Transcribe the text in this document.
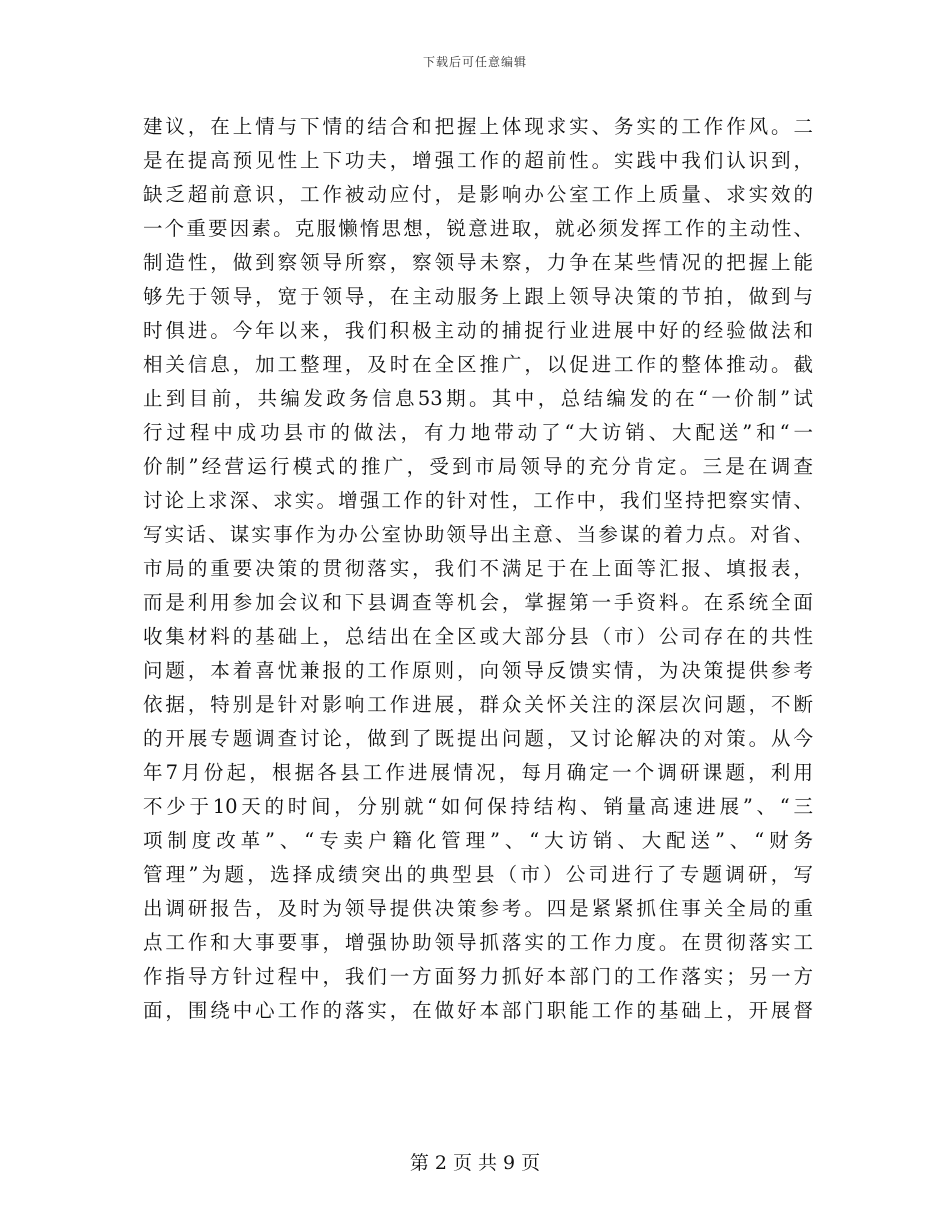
下载后可任意编辑
建议，在上情与下情的结合和把握上体现求实、务实的工作作风。二
是在提高预见性上下功夫，增强工作的超前性。实践中我们认识到，
缺乏超前意识，工作被动应付，是影响办公室工作上质量、求实效的
一个重要因素。克服懒惰思想，锐意进取，就必须发挥工作的主动性、
制造性，做到察领导所察，察领导未察，力争在某些情况的把握上能
够先于领导，宽于领导，在主动服务上跟上领导决策的节拍，做到与
时俱进。今年以来，我们积极主动的捕捉行业进展中好的经验做法和
相关信息，加工整理，及时在全区推广，以促进工作的整体推动。截
止到目前，共编发政务信息53期。其中，总结编发的在“一价制”试
行过程中成功县市的做法，有力地带动了“大访销、大配送”和“一
价制”经营运行模式的推广，受到市局领导的充分肯定。三是在调查
讨论上求深、求实。增强工作的针对性，工作中，我们坚持把察实情、
写实话、谋实事作为办公室协助领导出主意、当参谋的着力点。对省、
市局的重要决策的贯彻落实，我们不满足于在上面等汇报、填报表，
而是利用参加会议和下县调查等机会，掌握第一手资料。在系统全面
收集材料的基础上，总结出在全区或大部分县（市）公司存在的共性
问题，本着喜忧兼报的工作原则，向领导反馈实情，为决策提供参考
依据，特别是针对影响工作进展，群众关怀关注的深层次问题，不断
的开展专题调查讨论，做到了既提出问题，又讨论解决的对策。从今
年7月份起，根据各县工作进展情况，每月确定一个调研课题，利用
不少于10天的时间，分别就“如何保持结构、销量高速进展”、“三
项制度改革”、“专卖户籍化管理”、“大访销、大配送”、“财务
管理”为题，选择成绩突出的典型县（市）公司进行了专题调研，写
出调研报告，及时为领导提供决策参考。四是紧紧抓住事关全局的重
点工作和大事要事，增强协助领导抓落实的工作力度。在贯彻落实工
作指导方针过程中，我们一方面努力抓好本部门的工作落实；另一方
面，围绕中心工作的落实，在做好本部门职能工作的基础上，开展督
第 2 页 共 9 页
